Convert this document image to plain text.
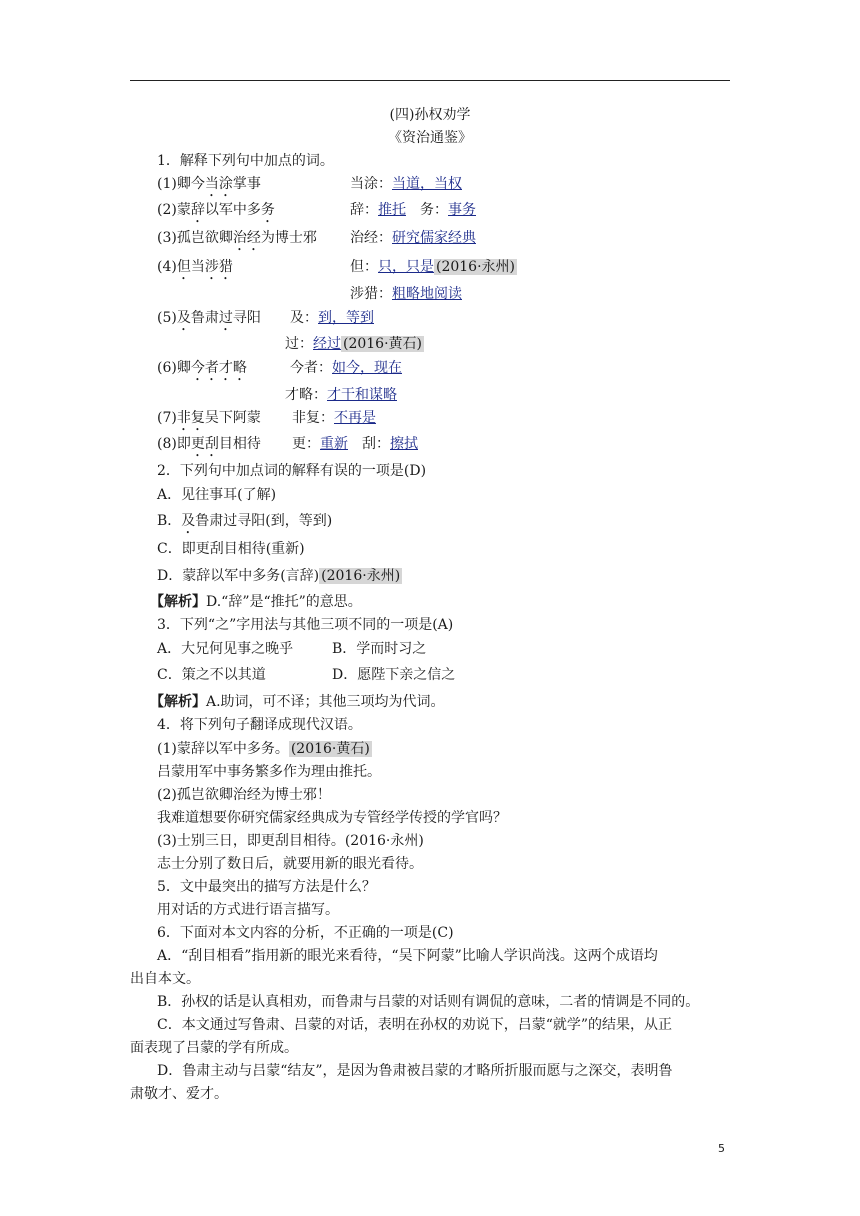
(四)孙权劝学
《资治通鉴》
1．解释下列句中加点的词。
(1)卿今当涂掌事	当涂：当道，当权
(2)蒙辞以军中多务	辞：推托　务：事务
(3)孤岂欲卿治经为博士邪 治经：研究儒家经典
(4)但当涉猎	但：只，只是 (2016·永州)
涉猎：粗略地阅读
(5)及鲁肃过寻阳 及：到，等到
过：经过 (2016·黄石)
(6)卿今者才略	今者：如今，现在
才略：才干和谋略
(7)非复吴下阿蒙 非复：不再是
(8)即更刮目相待 更：重新　刮：擦拭
2．下列句中加点词的解释有误的一项是(D)
A．见往事耳(了解)
B．及鲁肃过寻阳(到，等到)
C．即更刮目相待(重新)
D．蒙辞以军中多务(言辞) (2016·永州)
【解析】D.“辞”是“推托”的意思。
3．下列“之”字用法与其他三项不同的一项是(A)
A．大兄何见事之晚乎	B．学而时习之
C．策之不以其道	D．愿陛下亲之信之
【解析】A.助词，可不译；其他三项均为代词。
4．将下列句子翻译成现代汉语。
(1)蒙辞以军中多务。 (2016·黄石)
吕蒙用军中事务繁多作为理由推托。
(2)孤岂欲卿治经为博士邪！
我难道想要你研究儒家经典成为专管经学传授的学官吗？
(3)士别三日，即更刮目相待。(2016·永州)
志士分别了数日后，就要用新的眼光看待。
5．文中最突出的描写方法是什么？
用对话的方式进行语言描写。
6．下面对本文内容的分析，不正确的一项是(C)
A．“刮目相看”指用新的眼光来看待，“吴下阿蒙”比喻人学识尚浅。这两个成语均
出自本文。
B．孙权的话是认真相劝，而鲁肃与吕蒙的对话则有调侃的意味，二者的情调是不同的。
C．本文通过写鲁肃、吕蒙的对话，表明在孙权的劝说下，吕蒙“就学”的结果，从正
面表现了吕蒙的学有所成。
D．鲁肃主动与吕蒙“结友”，是因为鲁肃被吕蒙的才略所折服而愿与之深交，表明鲁
肃敬才、爱才。
5
